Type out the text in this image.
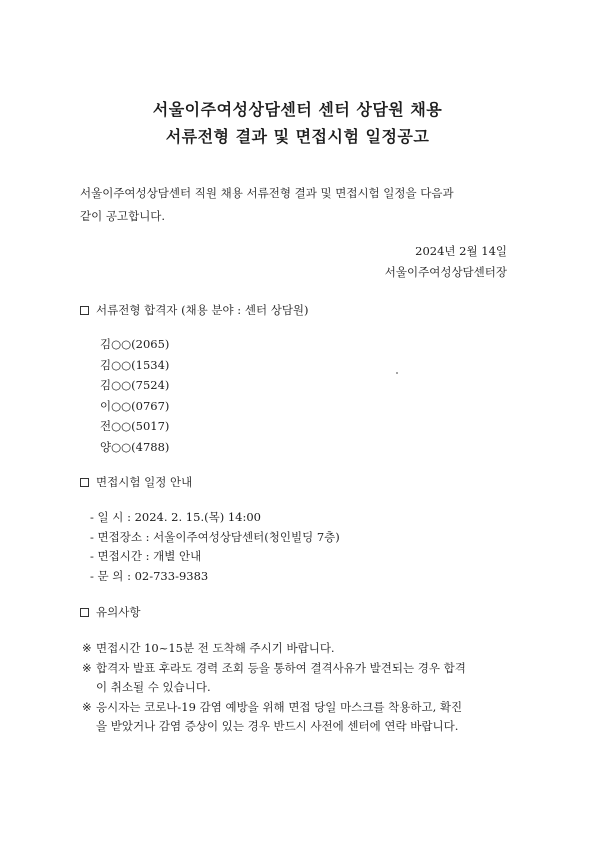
서울이주여성상담센터 센터 상담원 채용
서류전형 결과 및 면접시험 일정공고
서울이주여성상담센터 직원 채용 서류전형 결과 및 면접시험 일정을 다음과
같이 공고합니다.
2024년 2월 14일
서울이주여성상담센터장
서류전형 합격자 (채용 분야 : 센터 상담원)
김○○(2065)
김○○(1534)
김○○(7524)
이○○(0767)
전○○(5017)
양○○(4788)
면접시험 일정 안내
- 일 시 : 2024. 2. 15.(목) 14:00
- 면접장소 : 서울이주여성상담센터(청인빌딩 7층)
- 면접시간 : 개별 안내
- 문 의 : 02-733-9383
유의사항
※ 면접시간 10~15분 전 도착해 주시기 바랍니다.
※ 합격자 발표 후라도 경력 조회 등을 통하여 결격사유가 발견되는 경우 합격
이 취소될 수 있습니다.
※ 응시자는 코로나-19 감염 예방을 위해 면접 당일 마스크를 착용하고, 확진
을 받았거나 감염 증상이 있는 경우 반드시 사전에 센터에 연락 바랍니다.
